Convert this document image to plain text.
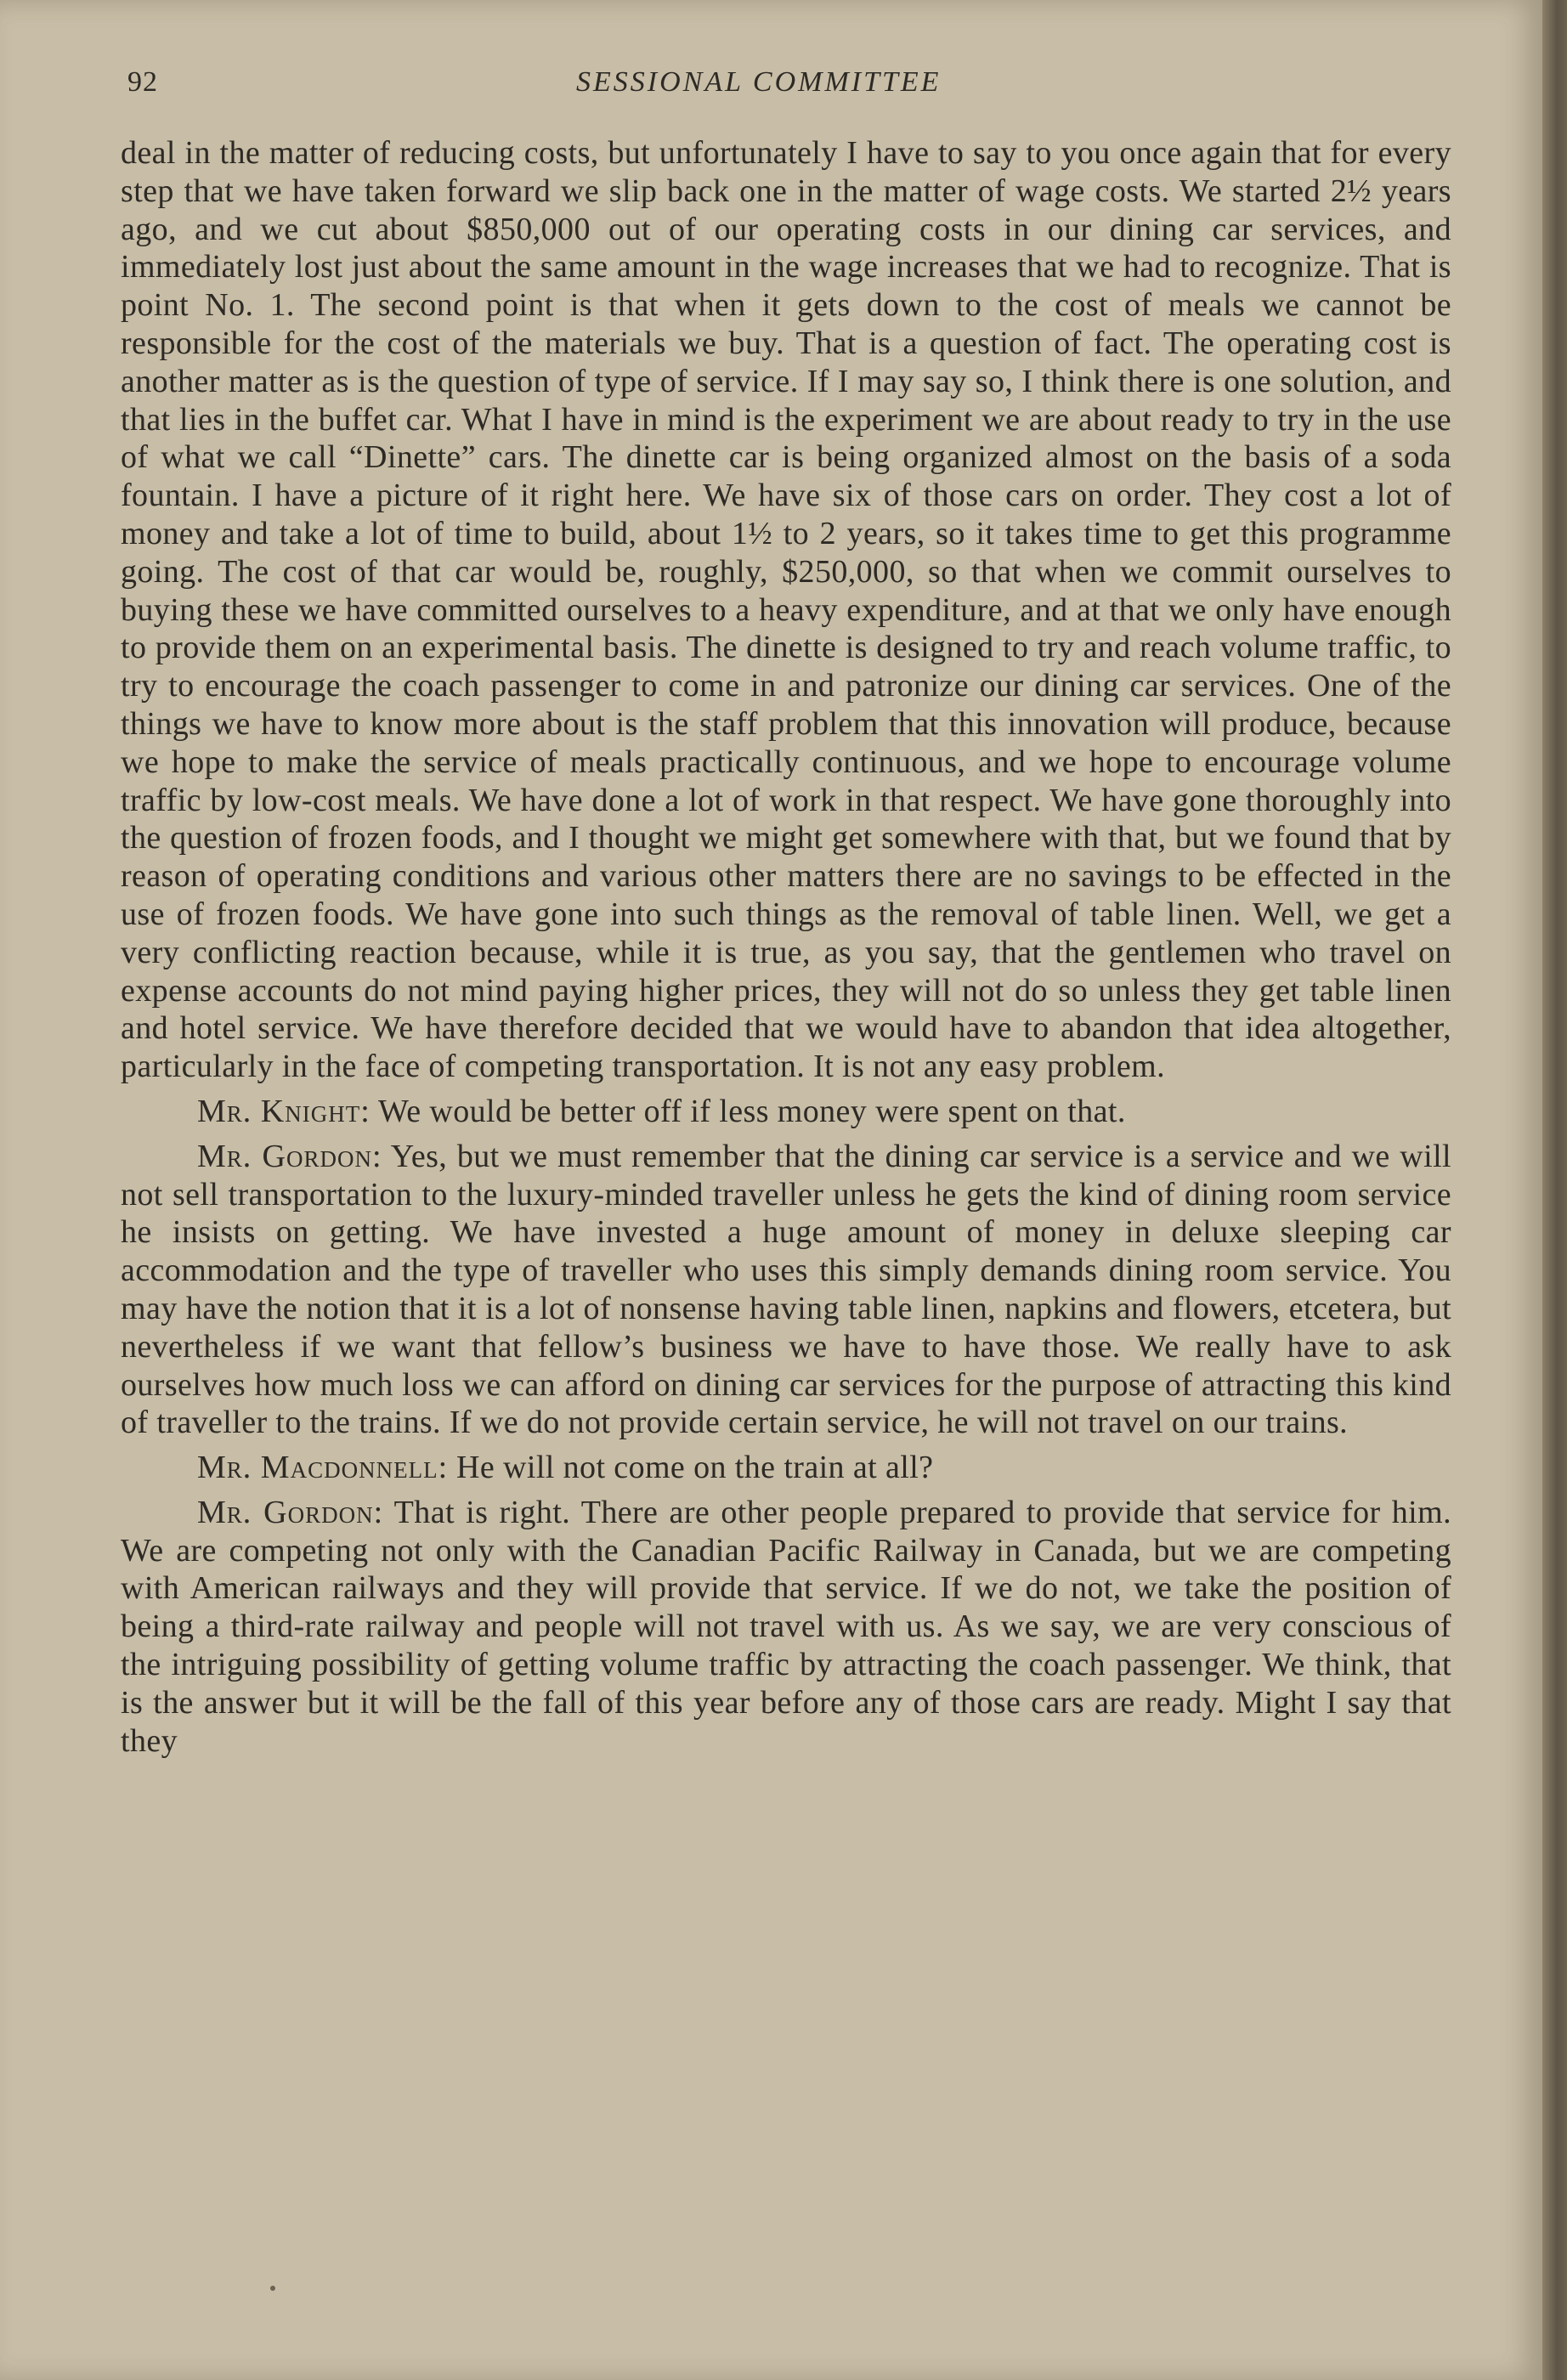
92	SESSIONAL COMMITTEE

deal in the matter of reducing costs, but unfortunately I have to say to you once again that for every step that we have taken forward we slip back one in the matter of wage costs. We started 2½ years ago, and we cut about $850,000 out of our operating costs in our dining car services, and immediately lost just about the same amount in the wage increases that we had to recognize. That is point No. 1. The second point is that when it gets down to the cost of meals we cannot be responsible for the cost of the materials we buy. That is a question of fact. The operating cost is another matter as is the question of type of service. If I may say so, I think there is one solution, and that lies in the buffet car. What I have in mind is the experiment we are about ready to try in the use of what we call “Dinette” cars. The dinette car is being organized almost on the basis of a soda fountain. I have a picture of it right here. We have six of those cars on order. They cost a lot of money and take a lot of time to build, about 1½ to 2 years, so it takes time to get this programme going. The cost of that car would be, roughly, $250,000, so that when we commit ourselves to buying these we have committed ourselves to a heavy expenditure, and at that we only have enough to provide them on an experimental basis. The dinette is designed to try and reach volume traffic, to try to encourage the coach passenger to come in and patronize our dining car services. One of the things we have to know more about is the staff problem that this innovation will produce, because we hope to make the service of meals practically continuous, and we hope to encourage volume traffic by low-cost meals. We have done a lot of work in that respect. We have gone thoroughly into the question of frozen foods, and I thought we might get somewhere with that, but we found that by reason of operating conditions and various other matters there are no savings to be effected in the use of frozen foods. We have gone into such things as the removal of table linen. Well, we get a very conflicting reaction because, while it is true, as you say, that the gentlemen who travel on expense accounts do not mind paying higher prices, they will not do so unless they get table linen and hotel service. We have therefore decided that we would have to abandon that idea altogether, particularly in the face of competing transportation. It is not any easy problem.

Mr. Knight: We would be better off if less money were spent on that.

Mr. Gordon: Yes, but we must remember that the dining car service is a service and we will not sell transportation to the luxury-minded traveller unless he gets the kind of dining room service he insists on getting. We have invested a huge amount of money in deluxe sleeping car accommodation and the type of traveller who uses this simply demands dining room service. You may have the notion that it is a lot of nonsense having table linen, napkins and flowers, etcetera, but nevertheless if we want that fellow’s business we have to have those. We really have to ask ourselves how much loss we can afford on dining car services for the purpose of attracting this kind of traveller to the trains. If we do not provide certain service, he will not travel on our trains.

Mr. Macdonnell: He will not come on the train at all?

Mr. Gordon: That is right. There are other people prepared to provide that service for him. We are competing not only with the Canadian Pacific Railway in Canada, but we are competing with American railways and they will provide that service. If we do not, we take the position of being a third-rate railway and people will not travel with us. As we say, we are very conscious of the intriguing possibility of getting volume traffic by attracting the coach passenger. We think, that is the answer but it will be the fall of this year before any of those cars are ready. Might I say that they
